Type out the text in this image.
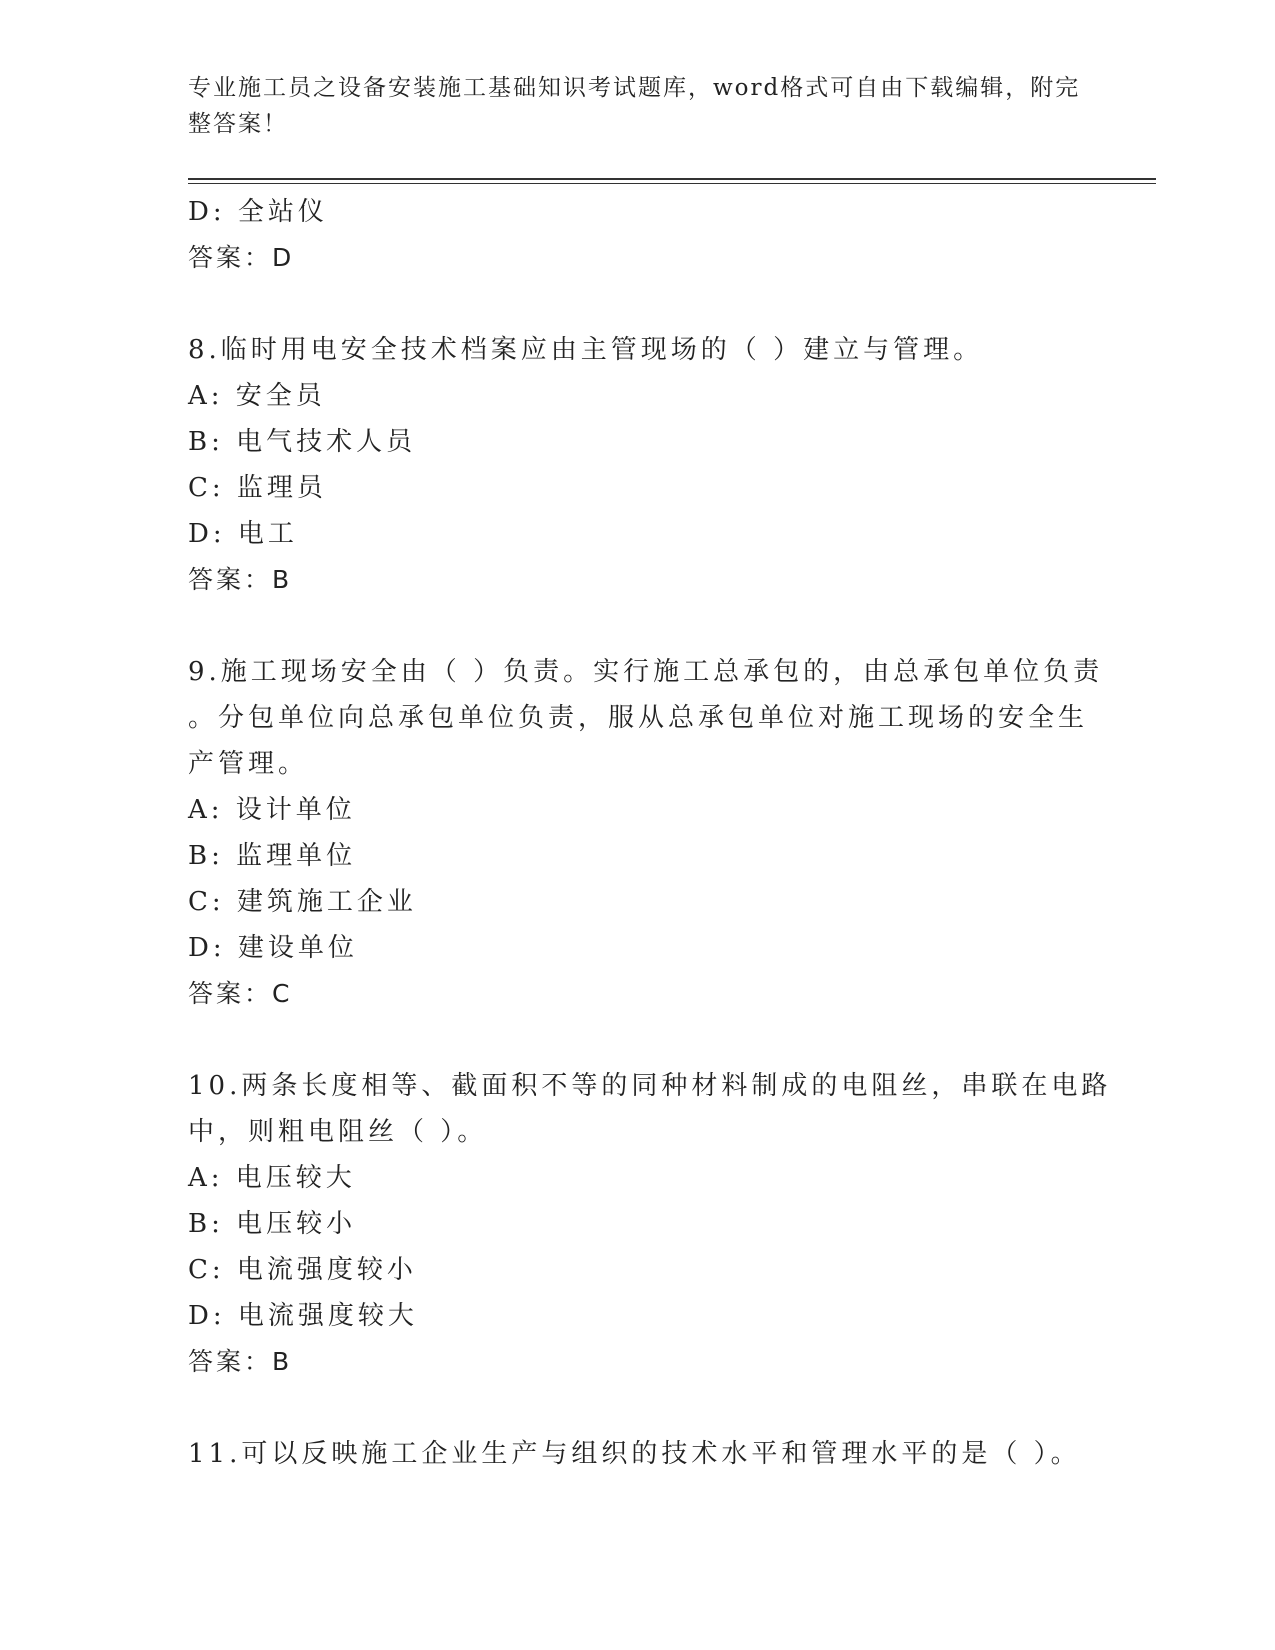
专业施工员之设备安装施工基础知识考试题库，word格式可自由下载编辑，附完
整答案！
D: 全站仪
答案：D
8.临时用电安全技术档案应由主管现场的（ ）建立与管理。
A: 安全员
B: 电气技术人员
C: 监理员
D: 电工
答案：B
9.施工现场安全由（ ）负责。实行施工总承包的，由总承包单位负责
。分包单位向总承包单位负责，服从总承包单位对施工现场的安全生
产管理。
A: 设计单位
B: 监理单位
C: 建筑施工企业
D: 建设单位
答案：C
10.两条长度相等、截面积不等的同种材料制成的电阻丝，串联在电路
中，则粗电阻丝（ ）。
A: 电压较大
B: 电压较小
C: 电流强度较小
D: 电流强度较大
答案：B
11.可以反映施工企业生产与组织的技术水平和管理水平的是（ ）。
